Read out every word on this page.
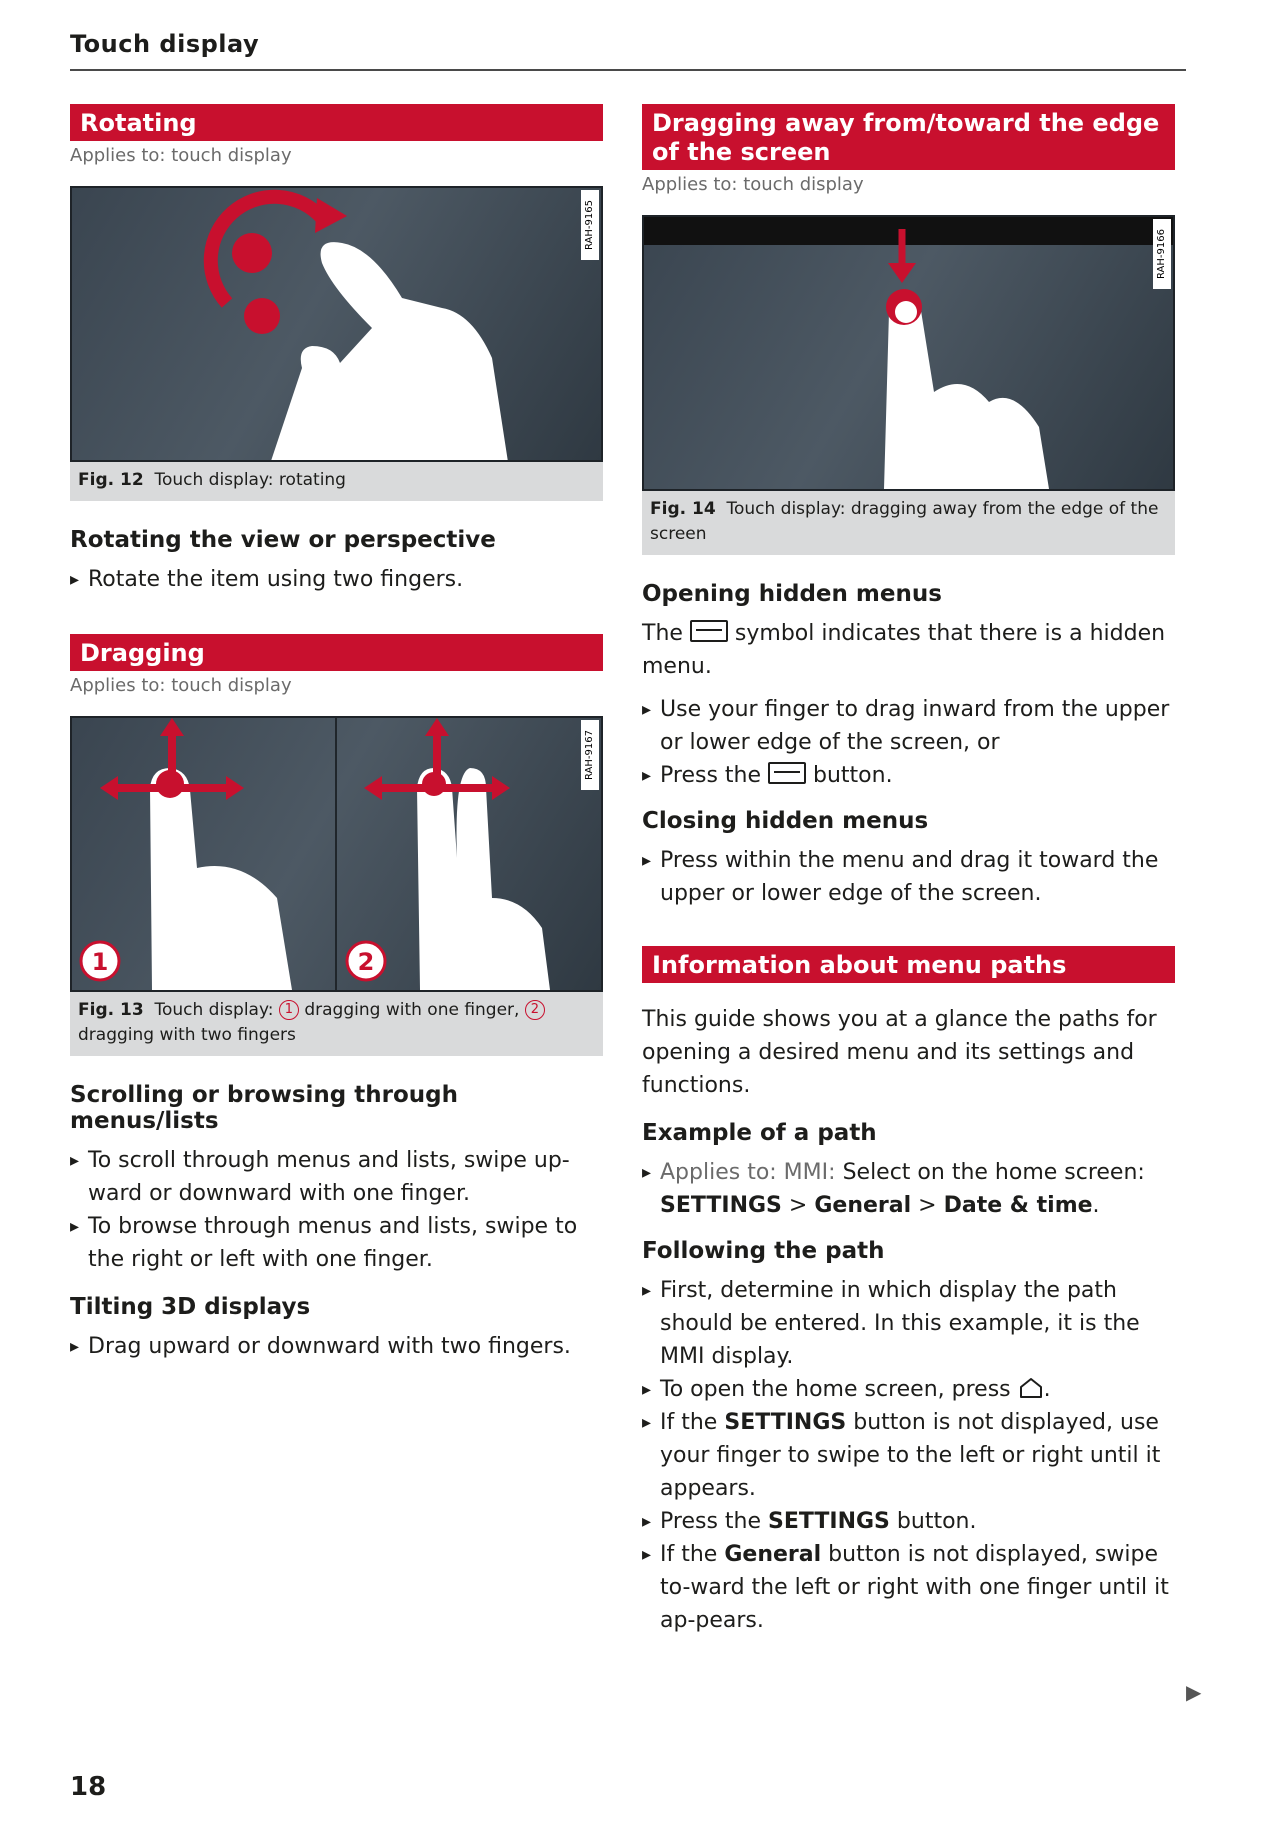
Touch display
Rotating
Applies to: touch display
RAH-9165
Fig. 12 Touch display: rotating
Rotating the view or perspective
▸ Rotate the item using two fingers.
Dragging
Applies to: touch display
1	2
RAH-9167
Fig. 13 Touch display: 1 dragging with one finger, 2 dragging with two fingers
Scrolling or browsing through menus/lists
▸ To scroll through menus and lists, swipe up-ward or downward with one finger.
▸ To browse through menus and lists, swipe to the right or left with one finger.
Tilting 3D displays
▸ Drag upward or downward with two fingers.
Dragging away from/toward the edge of the screen
Applies to: touch display
RAH-9166
Fig. 14 Touch display: dragging away from the edge of the screen
Opening hidden menus
The symbol indicates that there is a hidden menu.
▸ Use your finger to drag inward from the upper or lower edge of the screen, or
▸ Press the button.
Closing hidden menus
▸ Press within the menu and drag it toward the upper or lower edge of the screen.
Information about menu paths
This guide shows you at a glance the paths for opening a desired menu and its settings and functions.
Example of a path
▸ Applies to: MMI: Select on the home screen: SETTINGS > General > Date & time.
Following the path
▸ First, determine in which display the path should be entered. In this example, it is the MMI display.
▸ To open the home screen, press .
▸ If the SETTINGS button is not displayed, use your finger to swipe to the left or right until it appears.
▸ Press the SETTINGS button.
▸ If the General button is not displayed, swipe to-ward the left or right with one finger until it ap-pears.
▶
18
